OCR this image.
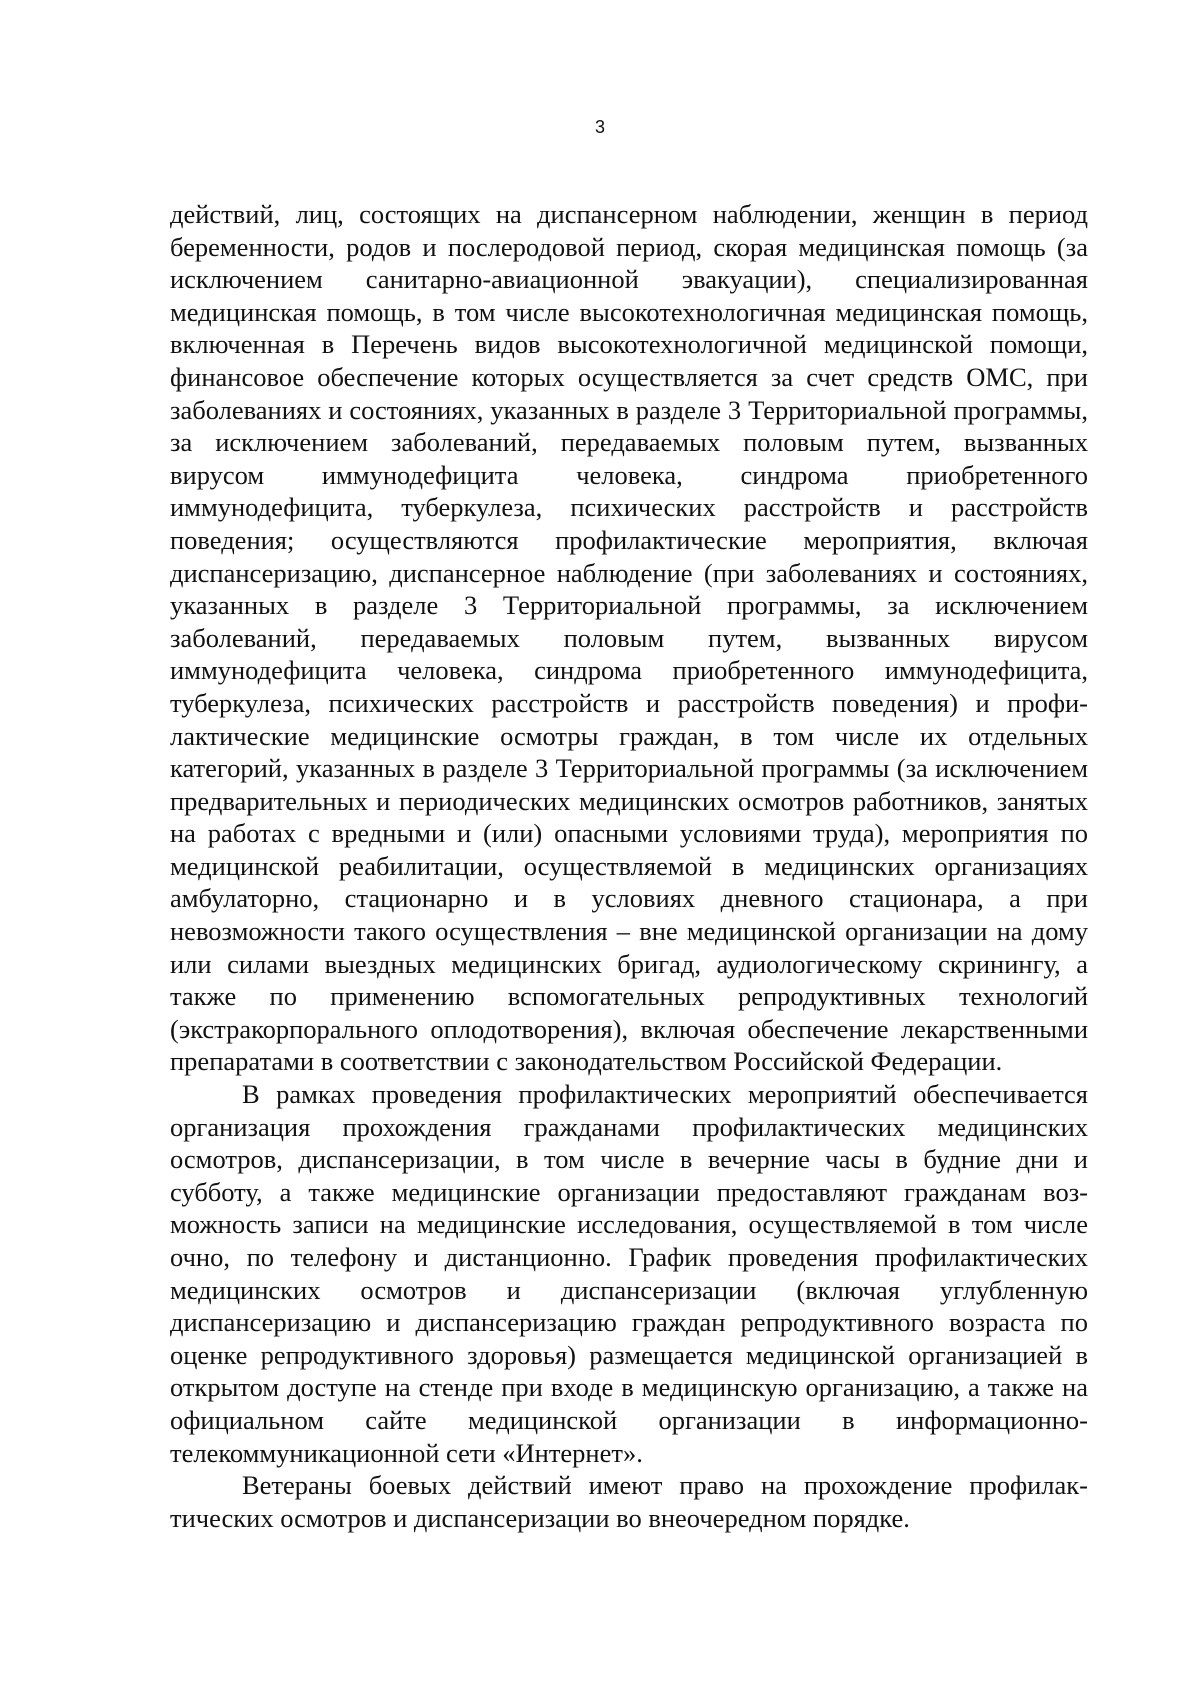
3

действий, лиц, состоящих на диспансерном наблюдении, женщин в период беременности, родов и послеродовой период, скорая медицинская помощь (за исключением санитарно-авиационной эвакуации), специализированная медицинская помощь, в том числе высокотехнологичная медицинская помощь, включенная в Перечень видов высокотехнологичной медицинской помощи, финансовое обеспечение которых осуществляется за счет средств ОМС, при заболеваниях и состояниях, указанных в разделе 3 Территориальной программы, за исключением заболеваний, передаваемых половым путем, вызванных вирусом иммунодефицита человека, синдрома приобретенного иммунодефицита, туберкулеза, психических расстройств и расстройств поведения; осуществляются профилактические мероприятия, включая диспансеризацию, диспансерное наблюдение (при заболеваниях и состояниях, указанных в разделе 3 Территориальной программы, за исключением заболеваний, передаваемых половым путем, вызванных вирусом иммунодефицита человека, синдрома приобретенного иммунодефицита, туберкулеза, психических расстройств и расстройств поведения) и профилактические медицинские осмотры граждан, в том числе их отдельных категорий, указанных в разделе 3 Территориальной программы (за исключением предварительных и периодических медицинских осмотров работников, занятых на работах с вредными и (или) опасными условиями труда), мероприятия по медицинской реабилитации, осуществляемой в медицинских организациях амбулаторно, стационарно и в условиях дневного стационара, а при невозможности такого осуществления – вне медицинской организации на дому или силами выездных медицинских бригад, аудиологическому скринингу, а также по применению вспомогательных репродуктивных технологий (экстракорпорального оплодотворения), включая обеспечение лекарственными препаратами в соответствии с законодательством Российской Федерации.

В рамках проведения профилактических мероприятий обеспечивается организация прохождения гражданами профилактических медицинских осмотров, диспансеризации, в том числе в вечерние часы в будние дни и субботу, а также медицинские организации предоставляют гражданам возможность записи на медицинские исследования, осуществляемой в том числе очно, по телефону и дистанционно. График проведения профилактических медицинских осмотров и диспансеризации (включая углубленную диспансеризацию и диспансеризацию граждан репродуктивного возраста по оценке репродуктивного здоровья) размещается медицинской организацией в открытом доступе на стенде при входе в медицинскую организацию, а также на официальном сайте медицинской организации в информационно-телекоммуникационной сети «Интернет».

Ветераны боевых действий имеют право на прохождение профилактических осмотров и диспансеризации во внеочередном порядке.
